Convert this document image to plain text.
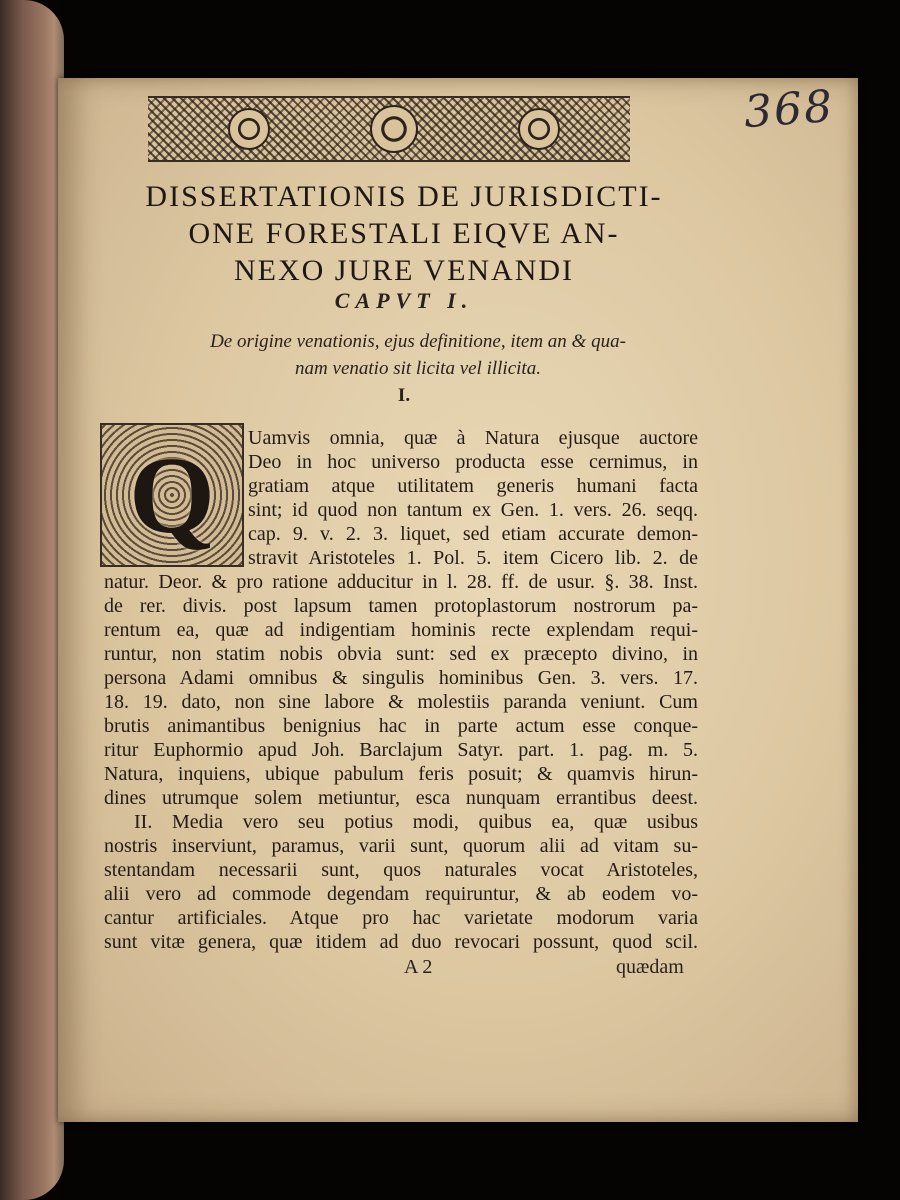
368
DISSERTATIONIS DE JURISDICTI-
ONE FORESTALI EIQVE AN-
NEXO JURE VENANDI
CAPVT I.
De origine venationis, ejus definitione, item an & qua-
nam venatio sit licita vel illicita.
I.
Q Uamvis omnia, quæ à Natura ejusque auctore
Deo in hoc universo producta esse cernimus, in
gratiam atque utilitatem generis humani facta
sint; id quod non tantum ex Gen. 1. vers. 26. seqq.
cap. 9. v. 2. 3. liquet, sed etiam accurate demon-
stravit Aristoteles 1. Pol. 5. item Cicero lib. 2. de
natur. Deor. & pro ratione adducitur in l. 28. ff. de usur. §. 38. Inst.
de rer. divis. post lapsum tamen protoplastorum nostrorum pa-
rentum ea, quæ ad indigentiam hominis recte explendam requi-
runtur, non statim nobis obvia sunt: sed ex præcepto divino, in
persona Adami omnibus & singulis hominibus Gen. 3. vers. 17.
18. 19. dato, non sine labore & molestiis paranda veniunt. Cum
brutis animantibus benignius hac in parte actum esse conque-
ritur Euphormio apud Joh. Barclajum Satyr. part. 1. pag. m. 5.
Natura, inquiens, ubique pabulum feris posuit; & quamvis hirun-
dines utrumque solem metiuntur, esca nunquam errantibus deest.
II. Media vero seu potius modi, quibus ea, quæ usibus
nostris inserviunt, paramus, varii sunt, quorum alii ad vitam su-
stentandam necessarii sunt, quos naturales vocat Aristoteles,
alii vero ad commode degendam requiruntur, & ab eodem vo-
cantur artificiales. Atque pro hac varietate modorum varia
sunt vitæ genera, quæ itidem ad duo revocari possunt, quod scil.
A 2	quædam
